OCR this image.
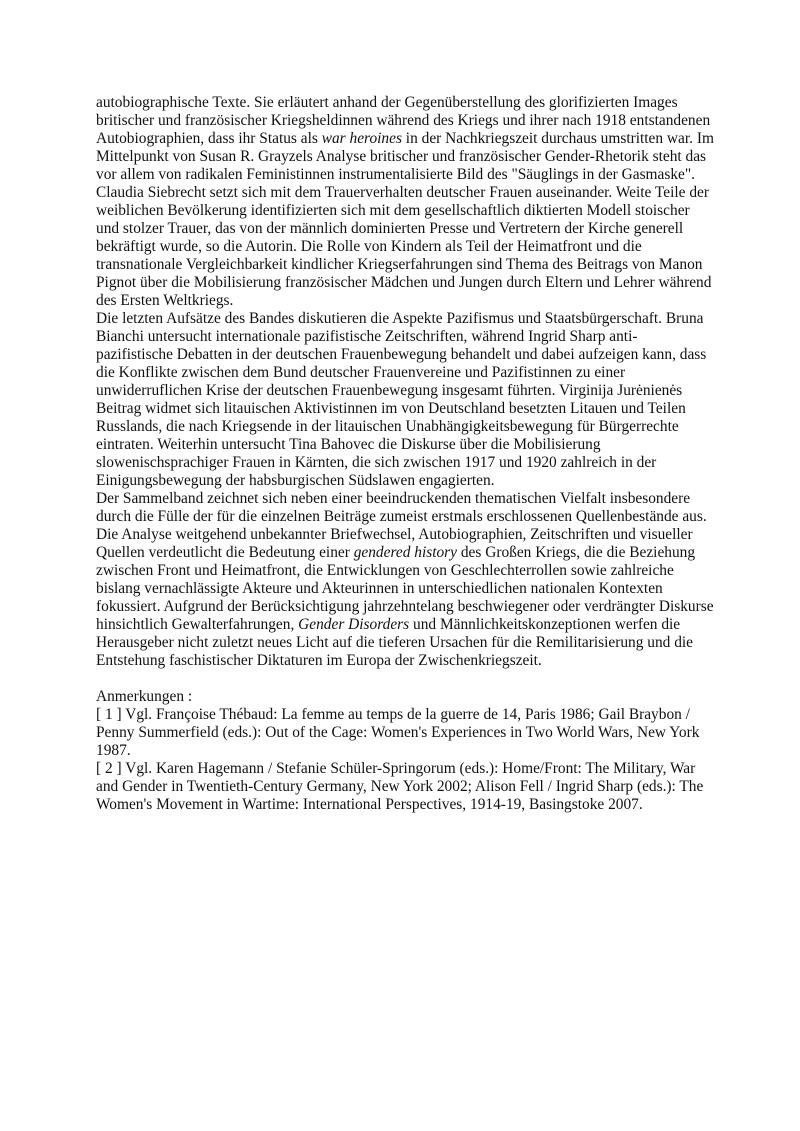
autobiographische Texte. Sie erläutert anhand der Gegenüberstellung des glorifizierten Images britischer und französischer Kriegsheldinnen während des Kriegs und ihrer nach 1918 entstandenen Autobiographien, dass ihr Status als war heroines in der Nachkriegszeit durchaus umstritten war. Im Mittelpunkt von Susan R. Grayzels Analyse britischer und französischer Gender-Rhetorik steht das vor allem von radikalen Feministinnen instrumentalisierte Bild des "Säuglings in der Gasmaske". Claudia Siebrecht setzt sich mit dem Trauerverhalten deutscher Frauen auseinander. Weite Teile der weiblichen Bevölkerung identifizierten sich mit dem gesellschaftlich diktierten Modell stoischer und stolzer Trauer, das von der männlich dominierten Presse und Vertretern der Kirche generell bekräftigt wurde, so die Autorin. Die Rolle von Kindern als Teil der Heimatfront und die transnationale Vergleichbarkeit kindlicher Kriegserfahrungen sind Thema des Beitrags von Manon Pignot über die Mobilisierung französischer Mädchen und Jungen durch Eltern und Lehrer während des Ersten Weltkriegs.

Die letzten Aufsätze des Bandes diskutieren die Aspekte Pazifismus und Staatsbürgerschaft. Bruna Bianchi untersucht internationale pazifistische Zeitschriften, während Ingrid Sharp anti-pazifistische Debatten in der deutschen Frauenbewegung behandelt und dabei aufzeigen kann, dass die Konflikte zwischen dem Bund deutscher Frauenvereine und Pazifistinnen zu einer unwiderruflichen Krise der deutschen Frauenbewegung insgesamt führten. Virginija Jurėnienės Beitrag widmet sich litauischen Aktivistinnen im von Deutschland besetzten Litauen und Teilen Russlands, die nach Kriegsende in der litauischen Unabhängigkeitsbewegung für Bürgerrechte eintraten. Weiterhin untersucht Tina Bahovec die Diskurse über die Mobilisierung slowenischsprachiger Frauen in Kärnten, die sich zwischen 1917 und 1920 zahlreich in der Einigungsbewegung der habsburgischen Südslawen engagierten.

Der Sammelband zeichnet sich neben einer beeindruckenden thematischen Vielfalt insbesondere durch die Fülle der für die einzelnen Beiträge zumeist erstmals erschlossenen Quellenbestände aus. Die Analyse weitgehend unbekannter Briefwechsel, Autobiographien, Zeitschriften und visueller Quellen verdeutlicht die Bedeutung einer gendered history des Großen Kriegs, die die Beziehung zwischen Front und Heimatfront, die Entwicklungen von Geschlechterrollen sowie zahlreiche bislang vernachlässigte Akteure und Akteurinnen in unterschiedlichen nationalen Kontexten fokussiert. Aufgrund der Berücksichtigung jahrzehntelang beschwiegener oder verdrängter Diskurse hinsichtlich Gewalterfahrungen, Gender Disorders und Männlichkeitskonzeptionen werfen die Herausgeber nicht zuletzt neues Licht auf die tieferen Ursachen für die Remilitarisierung und die Entstehung faschistischer Diktaturen im Europa der Zwischenkriegszeit.

Anmerkungen :

[ 1 ] Vgl. Françoise Thébaud: La femme au temps de la guerre de 14, Paris 1986; Gail Braybon / Penny Summerfield (eds.): Out of the Cage: Women's Experiences in Two World Wars, New York 1987.

[ 2 ] Vgl. Karen Hagemann / Stefanie Schüler-Springorum (eds.): Home/Front: The Military, War and Gender in Twentieth-Century Germany, New York 2002; Alison Fell / Ingrid Sharp (eds.): The Women's Movement in Wartime: International Perspectives, 1914-19, Basingstoke 2007.
